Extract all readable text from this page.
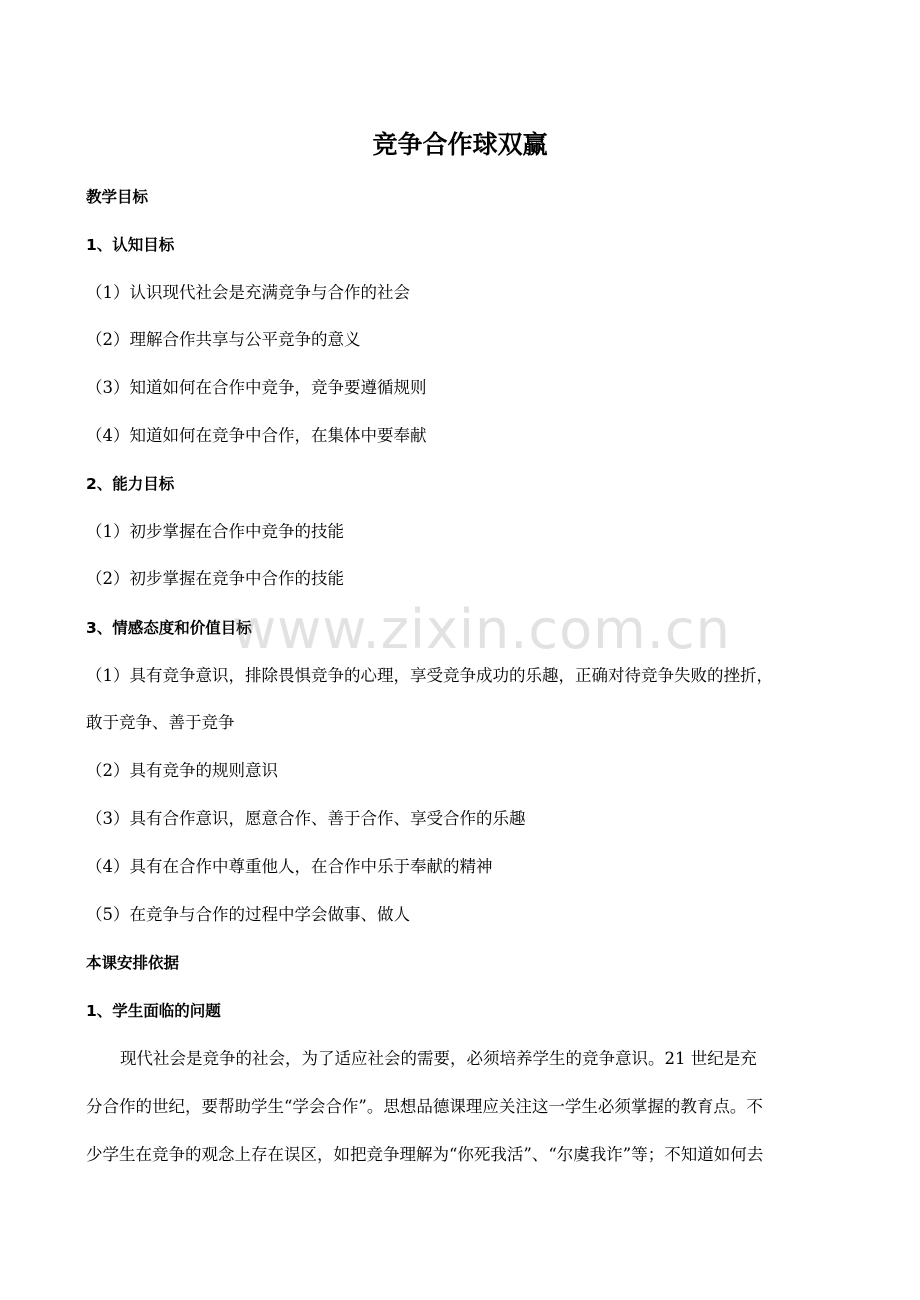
竞争合作球双赢

教学目标

1、认知目标

（1）认识现代社会是充满竞争与合作的社会

（2）理解合作共享与公平竞争的意义

（3）知道如何在合作中竞争，竞争要遵循规则

（4）知道如何在竞争中合作，在集体中要奉献

2、能力目标

（1）初步掌握在合作中竞争的技能

（2）初步掌握在竞争中合作的技能

3、情感态度和价值目标

（1）具有竞争意识，排除畏惧竞争的心理，享受竞争成功的乐趣，正确对待竞争失败的挫折，

敢于竞争、善于竞争

（2）具有竞争的规则意识

（3）具有合作意识，愿意合作、善于合作、享受合作的乐趣

（4）具有在合作中尊重他人，在合作中乐于奉献的精神

（5）在竞争与合作的过程中学会做事、做人

本课安排依据

1、学生面临的问题

现代社会是竞争的社会，为了适应社会的需要，必须培养学生的竞争意识。21 世纪是充

分合作的世纪，要帮助学生“学会合作”。思想品德课理应关注这一学生必须掌握的教育点。不

少学生在竞争的观念上存在误区，如把竞争理解为“你死我活”、“尔虞我诈”等；不知道如何去

www.zixin.com.cn
